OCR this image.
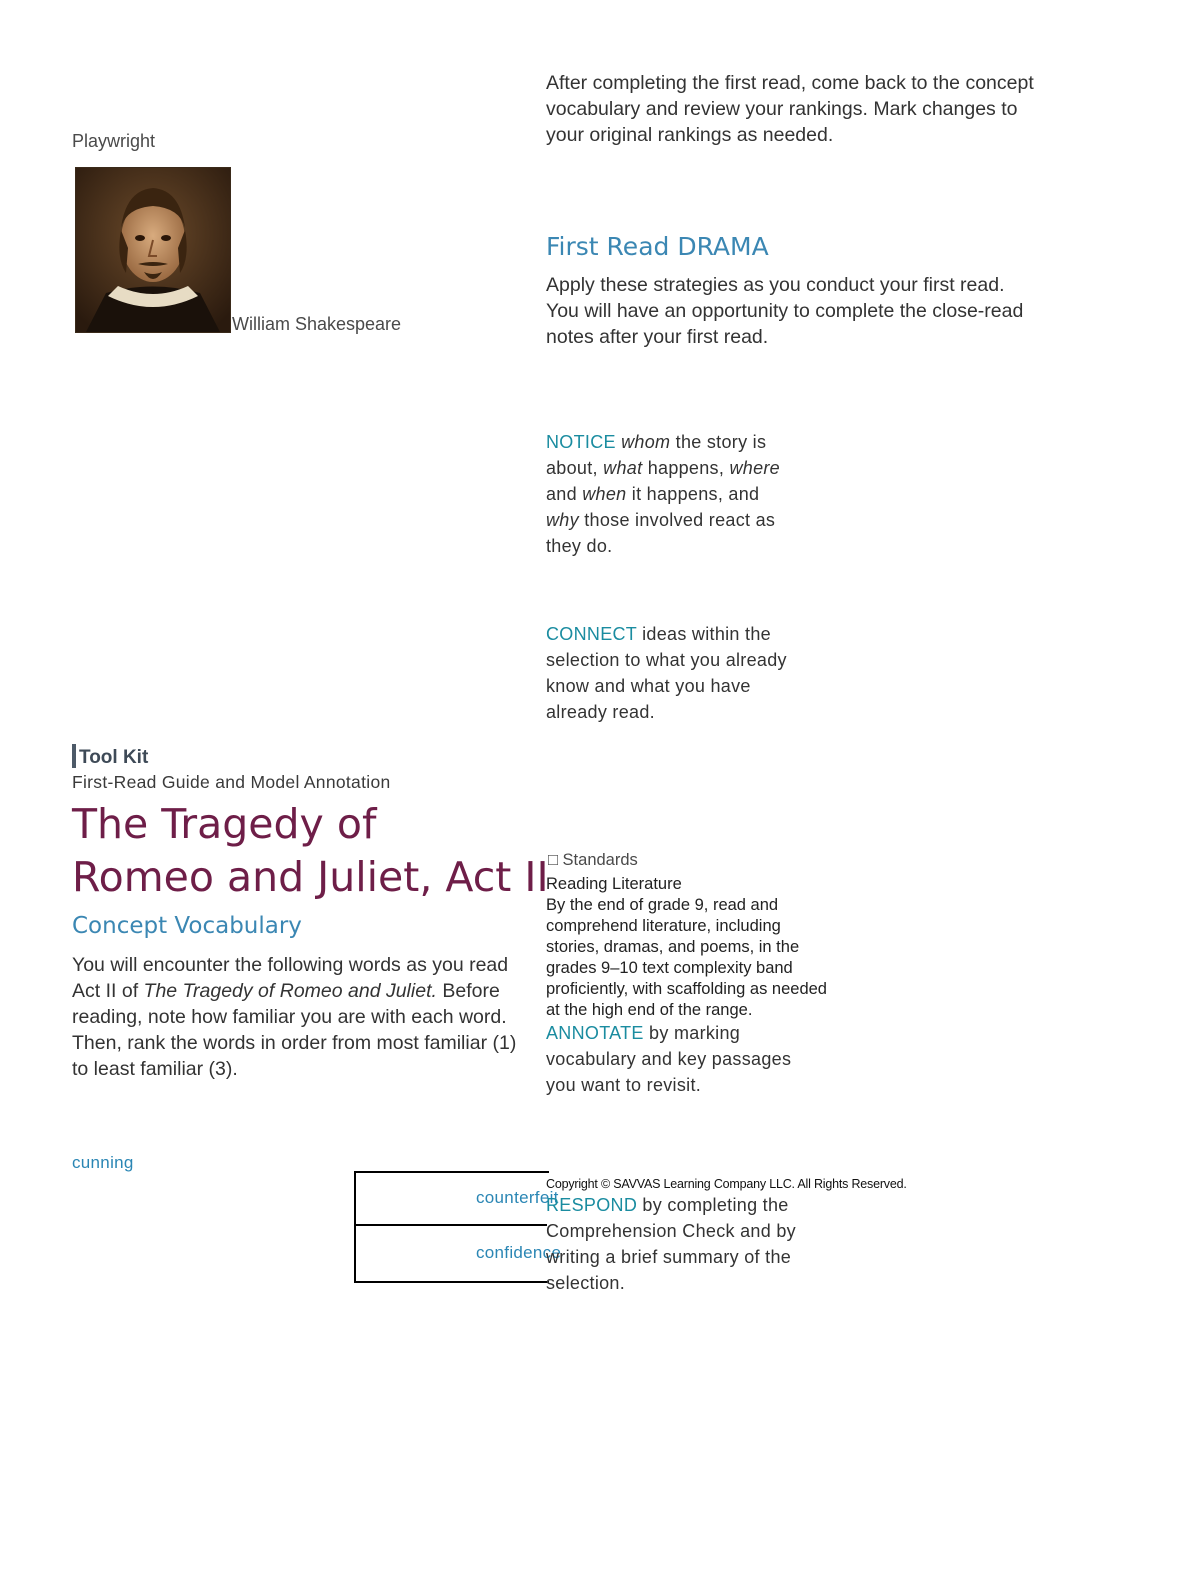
Playwright
William Shakespeare
After completing the first read, come back to the concept vocabulary and review your rankings. Mark changes to your original rankings as needed.
First Read DRAMA
Apply these strategies as you conduct your first read. You will have an opportunity to complete the close-read notes after your first read.
NOTICE whom the story is about, what happens, where and when it happens, and why those involved react as they do.
CONNECT ideas within the selection to what you already know and what you have already read.
Tool Kit
First-Read Guide and Model Annotation
The Tragedy of
Romeo and Juliet, Act II
Concept Vocabulary
You will encounter the following words as you read Act II of The Tragedy of Romeo and Juliet. Before reading, note how familiar you are with each word. Then, rank the words in order from most familiar (1) to least familiar (3).
□ Standards
Reading Literature
By the end of grade 9, read and comprehend literature, including stories, dramas, and poems, in the grades 9–10 text complexity band proficiently, with scaffolding as needed at the high end of the range.
ANNOTATE by marking vocabulary and key passages you want to revisit.
cunning
counterfeit
confidence
Copyright © SAVVAS Learning Company LLC. All Rights Reserved.
RESPOND by completing the Comprehension Check and by writing a brief summary of the selection.
